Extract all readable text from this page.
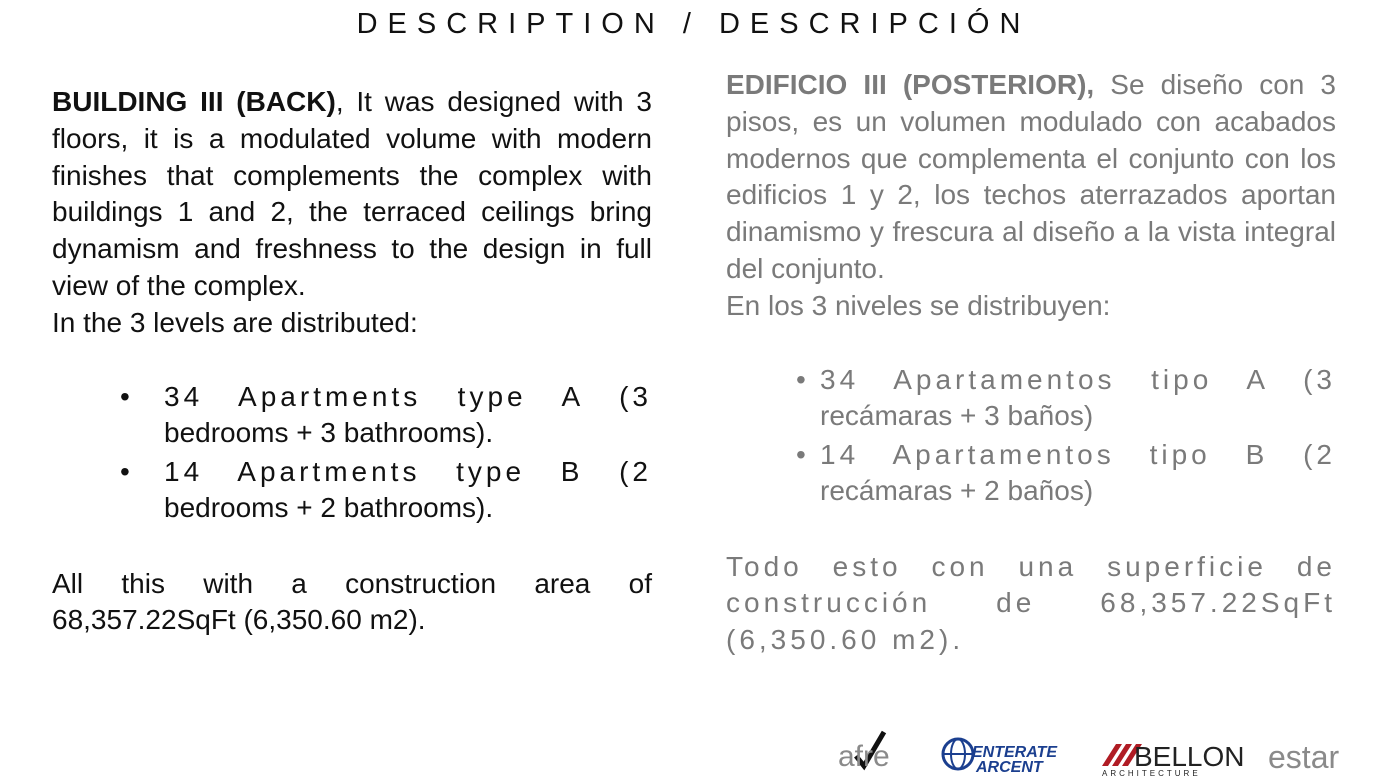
DESCRIPTION / DESCRIPCIÓN

BUILDING III (BACK), It was designed with 3 floors, it is a modulated volume with modern finishes that complements the complex with buildings 1 and 2, the terraced ceilings bring dynamism and freshness to the design in full view of the complex.

In the 3 levels are distributed:

• 34 Apartments type A (3
bedrooms + 3 bathrooms).
• 14 Apartments type B (2
bedrooms + 2 bathrooms).

All this with a construction area of 68,357.22SqFt (6,350.60 m2).

EDIFICIO III (POSTERIOR), Se diseño con 3 pisos, es un volumen modulado con acabados modernos que complementa el conjunto con los edificios 1 y 2, los techos aterrazados aportan dinamismo y frescura al diseño a la vista integral del conjunto.

En los 3 niveles se distribuyen:

• 34 Apartamentos tipo A (3
recámaras + 3 baños)
• 14 Apartamentos tipo B (2
recámaras + 2 baños)

Todo esto con una superficie de construcción de 68,357.22SqFt (6,350.60 m2).

afre	ENTERATE
ARCENT	BELLON
ARCHITECTURE estar
